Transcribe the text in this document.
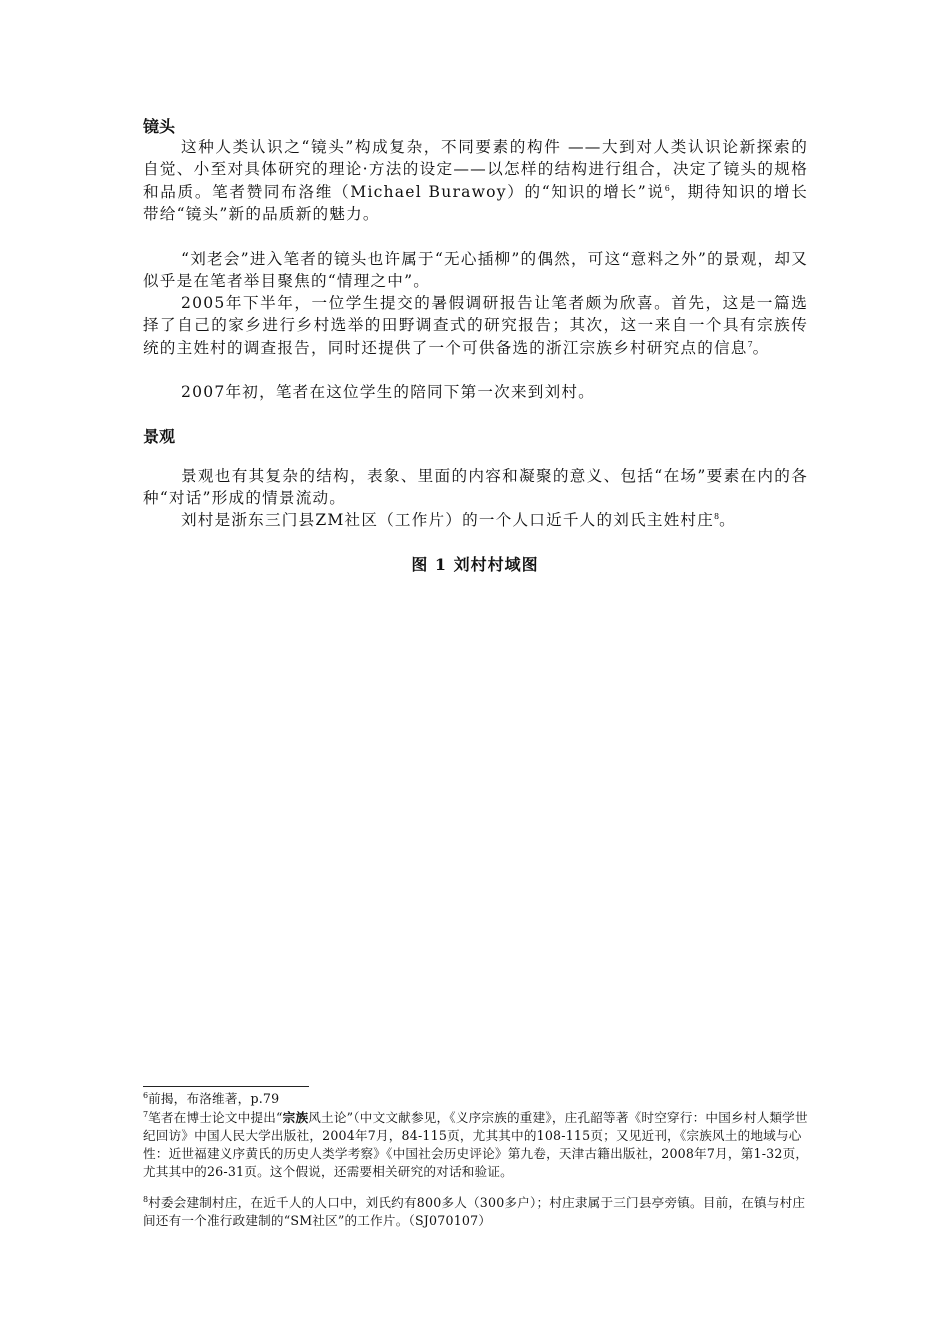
镜头

这种人类认识之“镜头”构成复杂，不同要素的构件 ——大到对人类认识论新探索的自觉、小至对具体研究的理论·方法的设定——以怎样的结构进行组合，决定了镜头的规格和品质。笔者赞同布洛维（Michael Burawoy）的“知识的增长”说$^6$，期待知识的增长带给“镜头”新的品质新的魅力。

“刘老会”进入笔者的镜头也许属于“无心插柳”的偶然，可这“意料之外”的景观，却又似乎是在笔者举目聚焦的“情理之中”。

2005年下半年，一位学生提交的暑假调研报告让笔者颇为欣喜。首先，这是一篇选择了自己的家乡进行乡村选举的田野调查式的研究报告；其次，这一来自一个具有宗族传统的主姓村的调查报告，同时还提供了一个可供备选的浙江宗族乡村研究点的信息$^7$。

2007年初，笔者在这位学生的陪同下第一次来到刘村。

景观

景观也有其复杂的结构，表象、里面的内容和凝聚的意义、包括“在场”要素在内的各种“对话”形成的情景流动。

刘村是浙东三门县ZM社区（工作片）的一个人口近千人的刘氏主姓村庄$^8$。

图 1 刘村村域图

$^6$前揭，布洛维著，p.79

$^7$笔者在博士论文中提出“宗族风土论”（中文文献参见，《义序宗族的重建》，庄孔韶等著《时空穿行：中国乡村人類学世纪回访》中国人民大学出版社，2004年7月，84-115页，尤其其中的108-115页；又见近刊，《宗族风土的地域与心性：近世福建义序黄氏的历史人类学考察》《中国社会历史评论》第九卷，天津古籍出版社，2008年7月，第1-32页，尤其其中的26-31页。这个假说，还需要相关研究的对话和验证。

$^8$村委会建制村庄，在近千人的人口中，刘氏约有800多人（300多户）；村庄隶属于三门县亭旁镇。目前，在镇与村庄间还有一个准行政建制的“SM社区”的工作片。（SJ070107）
